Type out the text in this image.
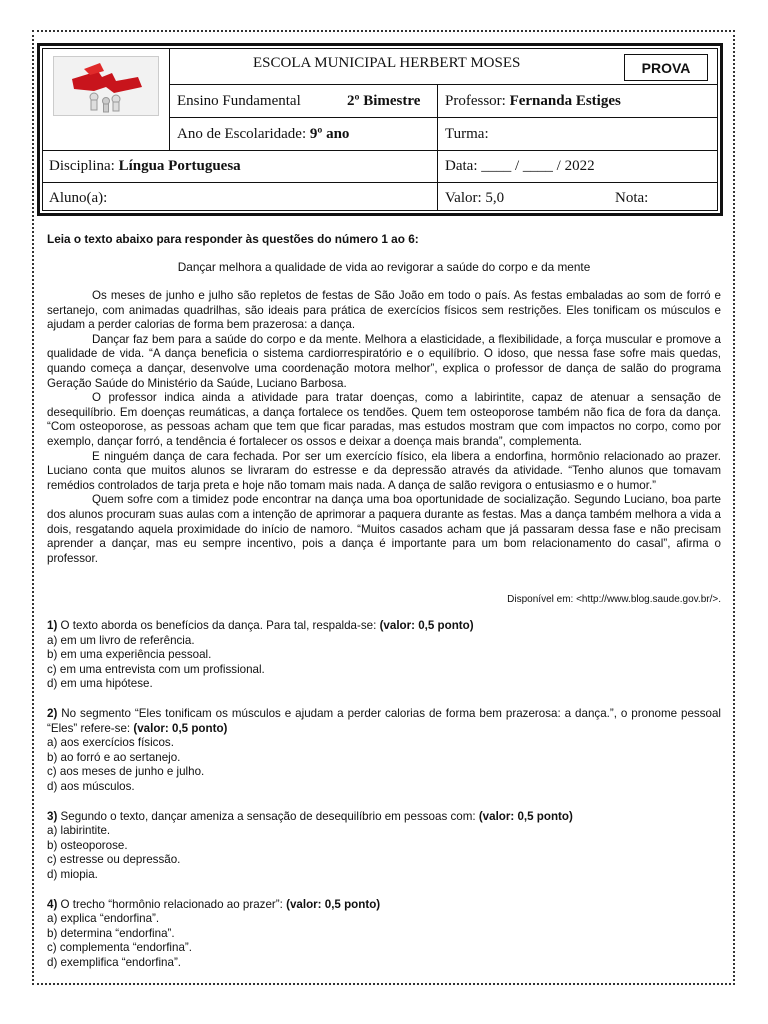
ESCOLA MUNICIPAL HERBERT MOSES	PROVA
Ensino Fundamental	2º Bimestre Professor: Fernanda Estiges
Ano de Escolaridade: 9º ano	Turma:
Disciplina: Língua Portuguesa	Data: ____ / ____ / 2022
Aluno(a):	Valor: 5,0	Nota:
Leia o texto abaixo para responder às questões do número 1 ao 6:
Dançar melhora a qualidade de vida ao revigorar a saúde do corpo e da mente

Os meses de junho e julho são repletos de festas de São João em todo o país. As festas embaladas ao som de forró e sertanejo, com animadas quadrilhas, são ideais para prática de exercícios físicos sem restrições. Eles tonificam os músculos e ajudam a perder calorias de forma bem prazerosa: a dança.

Dançar faz bem para a saúde do corpo e da mente. Melhora a elasticidade, a flexibilidade, a força muscular e promove a qualidade de vida. “A dança beneficia o sistema cardiorrespiratório e o equilíbrio. O idoso, que nessa fase sofre mais quedas, quando começa a dançar, desenvolve uma coordenação motora melhor”, explica o professor de dança de salão do programa Geração Saúde do Ministério da Saúde, Luciano Barbosa.

O professor indica ainda a atividade para tratar doenças, como a labirintite, capaz de atenuar a sensação de desequilíbrio. Em doenças reumáticas, a dança fortalece os tendões. Quem tem osteoporose também não fica de fora da dança. “Com osteoporose, as pessoas acham que tem que ficar paradas, mas estudos mostram que com impactos no corpo, como por exemplo, dançar forró, a tendência é fortalecer os ossos e deixar a doença mais branda”, complementa.

E ninguém dança de cara fechada. Por ser um exercício físico, ela libera a endorfina, hormônio relacionado ao prazer. Luciano conta que muitos alunos se livraram do estresse e da depressão através da atividade. “Tenho alunos que tomavam remédios controlados de tarja preta e hoje não tomam mais nada. A dança de salão revigora o entusiasmo e o humor.”

Quem sofre com a timidez pode encontrar na dança uma boa oportunidade de socialização. Segundo Luciano, boa parte dos alunos procuram suas aulas com a intenção de aprimorar a paquera durante as festas. Mas a dança também melhora a vida a dois, resgatando aquela proximidade do início de namoro. “Muitos casados acham que já passaram dessa fase e não precisam aprender a dançar, mas eu sempre incentivo, pois a dança é importante para um bom relacionamento do casal”, afirma o professor.

Disponível em: <http://www.blog.saude.gov.br/>.
1) O texto aborda os benefícios da dança. Para tal, respalda-se: (valor: 0,5 ponto)
a) em um livro de referência.
b) em uma experiência pessoal.
c) em uma entrevista com um profissional.
d) em uma hipótese.
2) No segmento “Eles tonificam os músculos e ajudam a perder calorias de forma bem prazerosa: a dança.”, o pronome pessoal “Eles” refere-se: (valor: 0,5 ponto)
a) aos exercícios físicos.
b) ao forró e ao sertanejo.
c) aos meses de junho e julho.
d) aos músculos.
3) Segundo o texto, dançar ameniza a sensação de desequilíbrio em pessoas com: (valor: 0,5 ponto)
a) labirintite.
b) osteoporose.
c) estresse ou depressão.
d) miopia.
4) O trecho “hormônio relacionado ao prazer”: (valor: 0,5 ponto)
a) explica “endorfina”.
b) determina “endorfina”.
c) complementa “endorfina”.
d) exemplifica “endorfina”.
